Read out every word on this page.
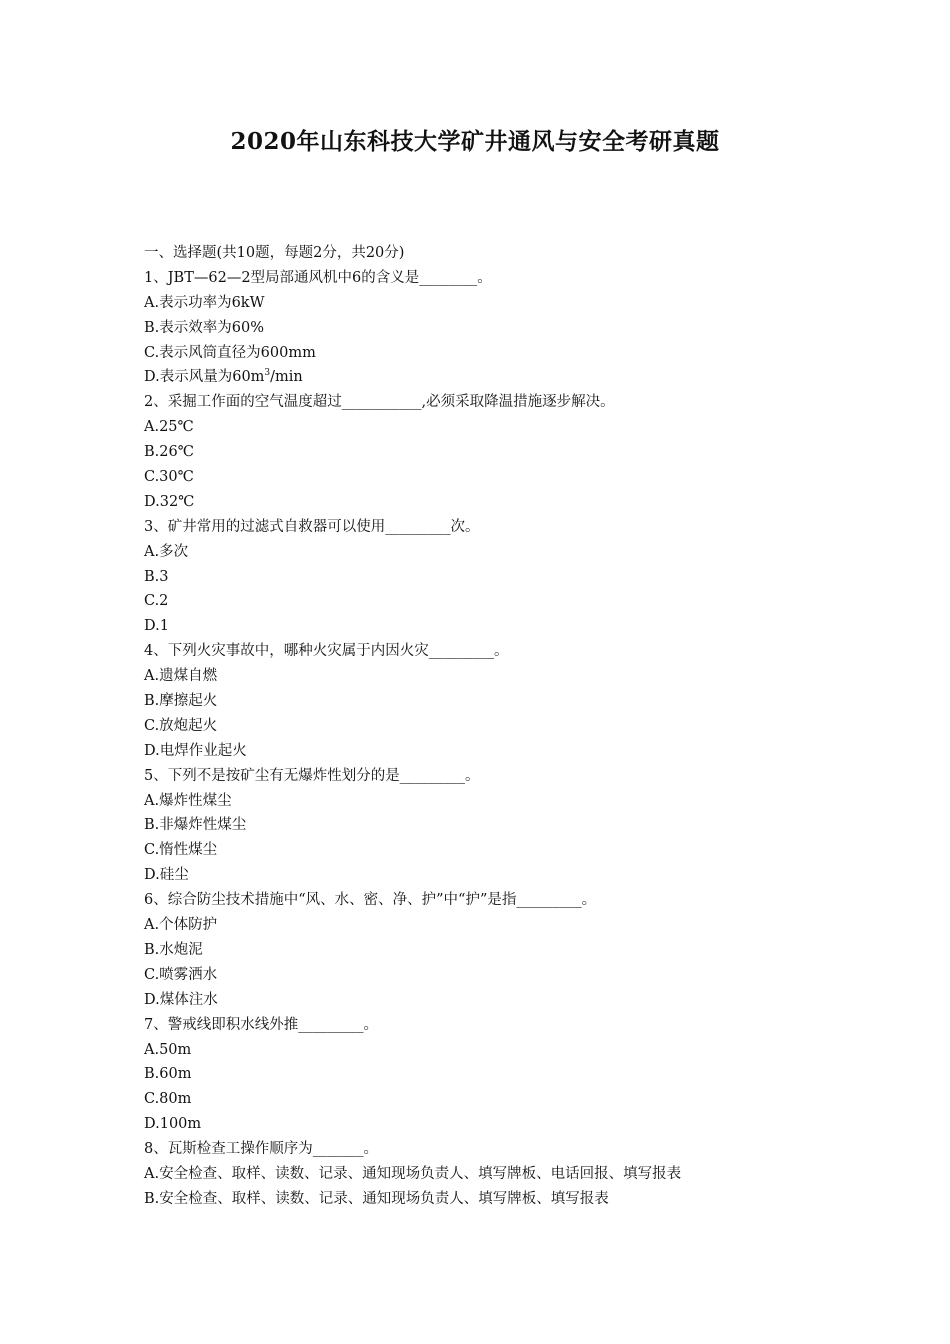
2020年山东科技大学矿井通风与安全考研真题
一、选择题(共10题，每题2分，共20分)
1、JBT—62—2型局部通风机中6的含义是________。
A.表示功率为6kW
B.表示效率为60%
C.表示风筒直径为600mm
D.表示风量为$60m^3/\min$
2、采掘工作面的空气温度超过___________,必须采取降温措施逐步解决。
A.25℃
B.26℃
C.30℃
D.32℃
3、矿井常用的过滤式自救器可以使用_________次。
A.多次
B.3
C.2
D.1
4、下列火灾事故中，哪种火灾属于内因火灾_________。
A.遗煤自燃
B.摩擦起火
C.放炮起火
D.电焊作业起火
5、下列不是按矿尘有无爆炸性划分的是_________。
A.爆炸性煤尘
B.非爆炸性煤尘
C.惰性煤尘
D.硅尘
6、综合防尘技术措施中“风、水、密、净、护”中“护”是指_________。
A.个体防护
B.水炮泥
C.喷雾洒水
D.煤体注水
7、警戒线即积水线外推_________。
A.50m
B.60m
C.80m
D.100m
8、瓦斯检查工操作顺序为_______。
A.安全检查、取样、读数、记录、通知现场负责人、填写牌板、电话回报、填写报表
B.安全检查、取样、读数、记录、通知现场负责人、填写牌板、填写报表
